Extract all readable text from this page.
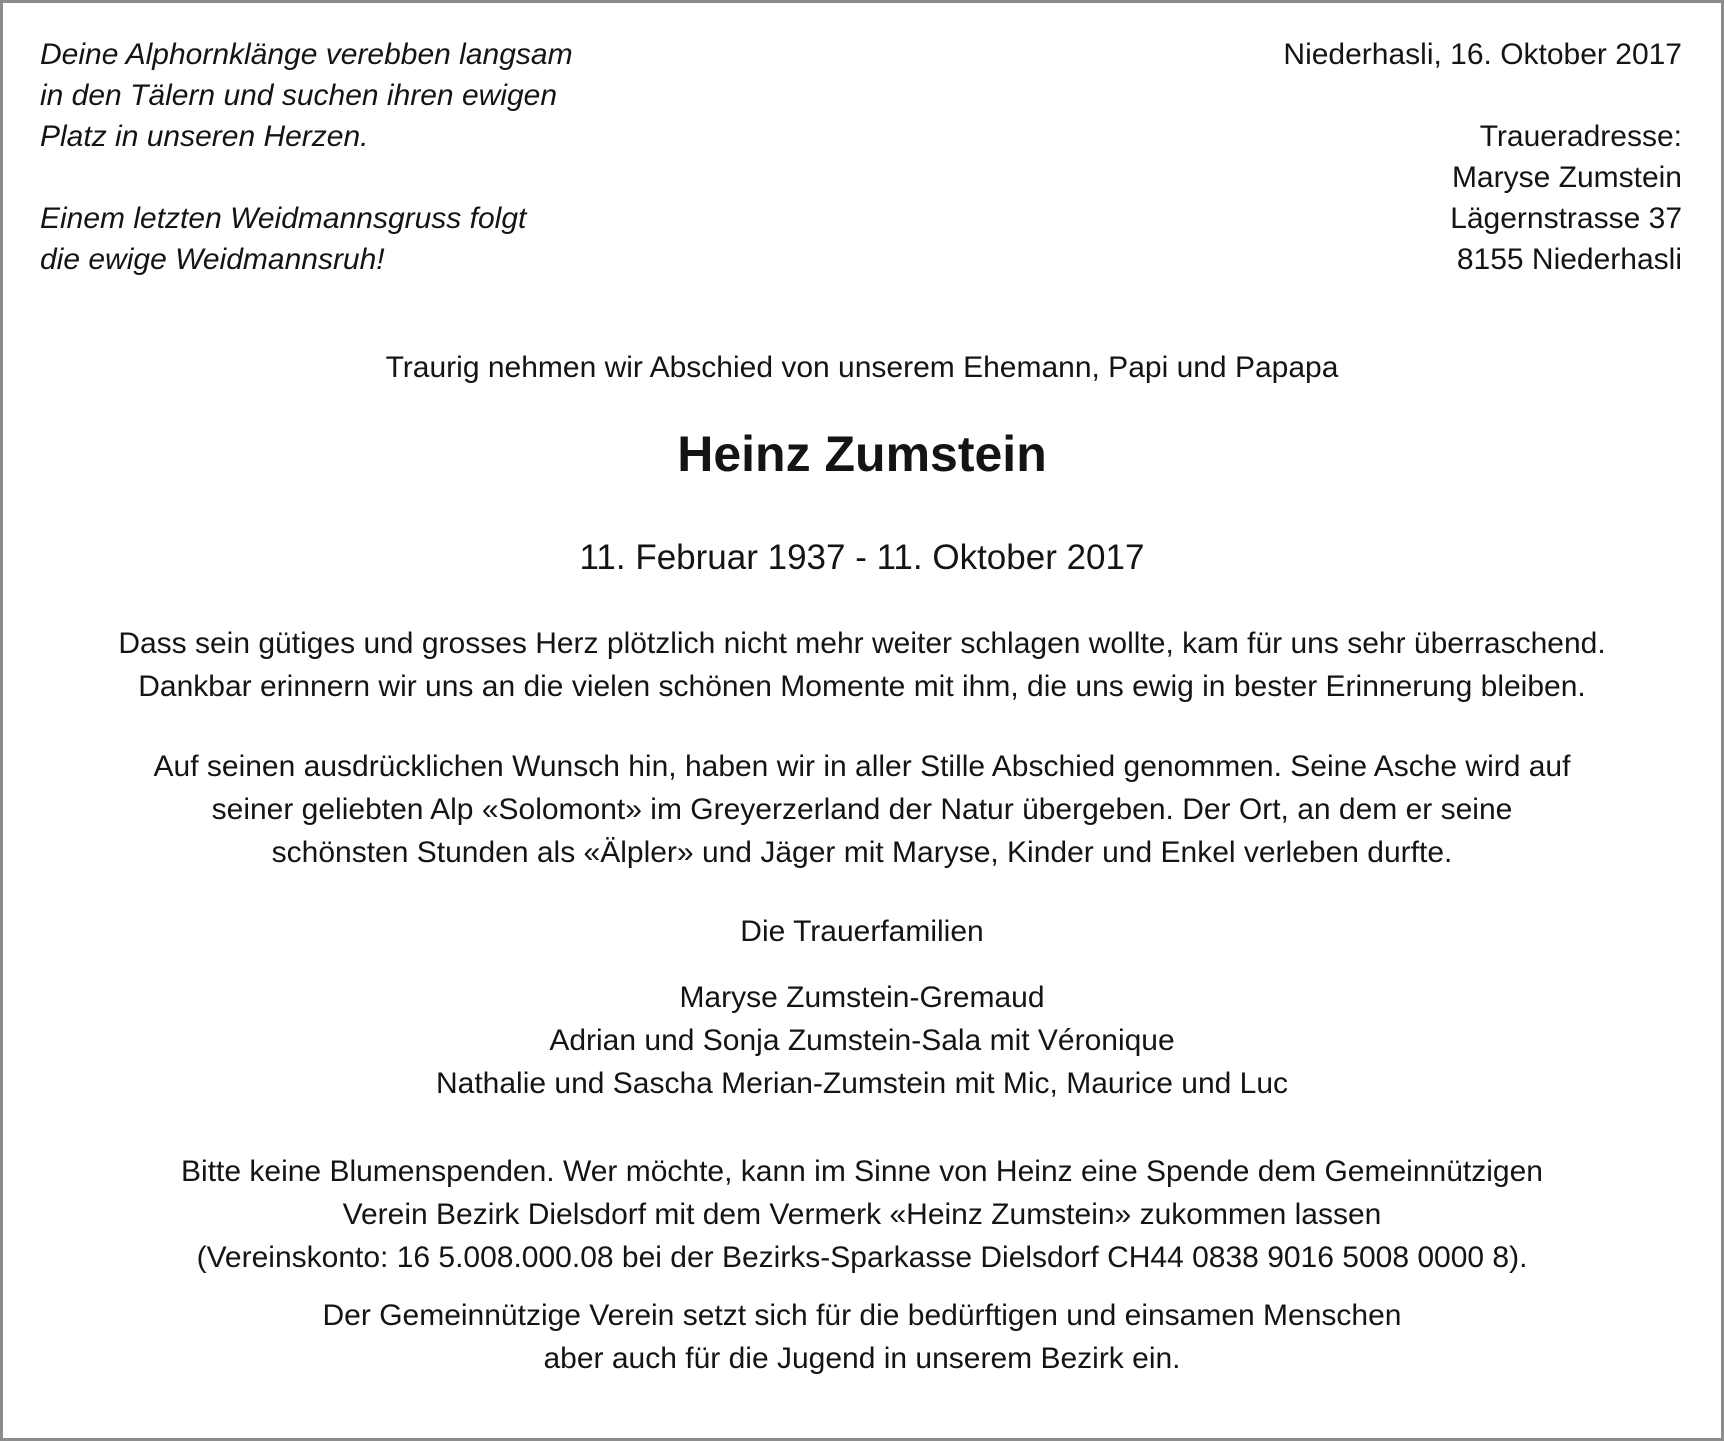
Deine Alphornklänge verebben langsam
in den Tälern und suchen ihren ewigen
Platz in unseren Herzen.
Einem letzten Weidmannsgruss folgt
die ewige Weidmannsruh!
Niederhasli, 16. Oktober 2017
Traueradresse:
Maryse Zumstein
Lägernstrasse 37
8155 Niederhasli
Traurig nehmen wir Abschied von unserem Ehemann, Papi und Papapa
Heinz Zumstein
11. Februar 1937 - 11. Oktober 2017
Dass sein gütiges und grosses Herz plötzlich nicht mehr weiter schlagen wollte, kam für uns sehr überraschend.
Dankbar erinnern wir uns an die vielen schönen Momente mit ihm, die uns ewig in bester Erinnerung bleiben.
Auf seinen ausdrücklichen Wunsch hin, haben wir in aller Stille Abschied genommen. Seine Asche wird auf
seiner geliebten Alp «Solomont» im Greyerzerland der Natur übergeben. Der Ort, an dem er seine
schönsten Stunden als «Älpler» und Jäger mit Maryse, Kinder und Enkel verleben durfte.
Die Trauerfamilien
Maryse Zumstein-Gremaud
Adrian und Sonja Zumstein-Sala mit Véronique
Nathalie und Sascha Merian-Zumstein mit Mic, Maurice und Luc
Bitte keine Blumenspenden. Wer möchte, kann im Sinne von Heinz eine Spende dem Gemeinnützigen
Verein Bezirk Dielsdorf mit dem Vermerk «Heinz Zumstein» zukommen lassen
(Vereinskonto: 16 5.008.000.08 bei der Bezirks-Sparkasse Dielsdorf CH44 0838 9016 5008 0000 8).
Der Gemeinnützige Verein setzt sich für die bedürftigen und einsamen Menschen
aber auch für die Jugend in unserem Bezirk ein.
